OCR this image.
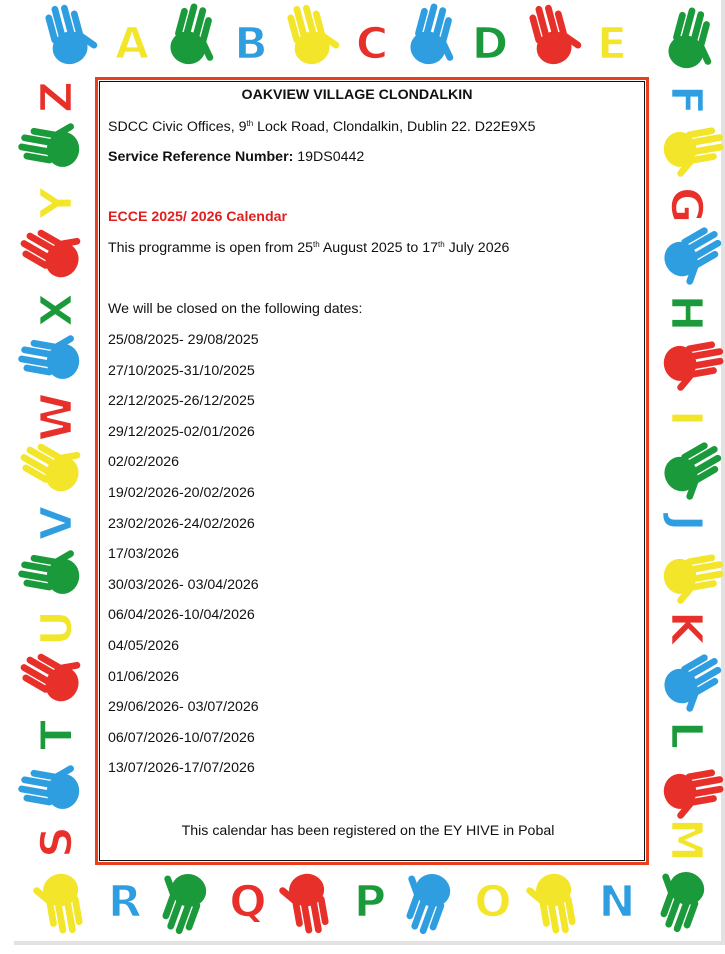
A B C D E
Z
Y
X
W
V
U
T
S
F
G
H
I
J
K
L
M
R Q P O N
OAKVIEW VILLAGE CLONDALKIN
SDCC Civic Offices, 9th Lock Road, Clondalkin, Dublin 22. D22E9X5
Service Reference Number: 19DS0442
ECCE 2025/ 2026 Calendar
This programme is open from 25th August 2025 to 17th July 2026
We will be closed on the following dates:
25/08/2025- 29/08/2025
27/10/2025-31/10/2025
22/12/2025-26/12/2025
29/12/2025-02/01/2026
02/02/2026
19/02/2026-20/02/2026
23/02/2026-24/02/2026
17/03/2026
30/03/2026- 03/04/2026
06/04/2026-10/04/2026
04/05/2026
01/06/2026
29/06/2026- 03/07/2026
06/07/2026-10/07/2026
13/07/2026-17/07/2026
This calendar has been registered on the EY HIVE in Pobal
